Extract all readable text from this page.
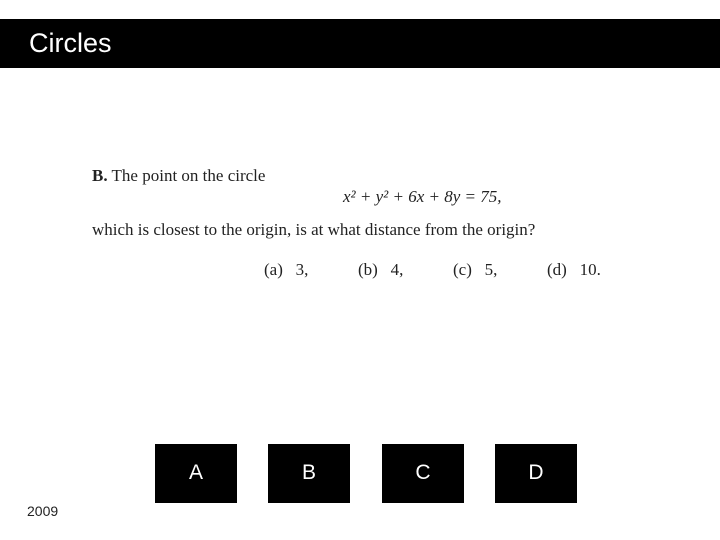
Circles
B. The point on the circle
x² + y² + 6x + 8y = 75,
which is closest to the origin, is at what distance from the origin?
(a) 3,	(b) 4,	(c) 5,	(d) 10.
A	B	C	D
2009
